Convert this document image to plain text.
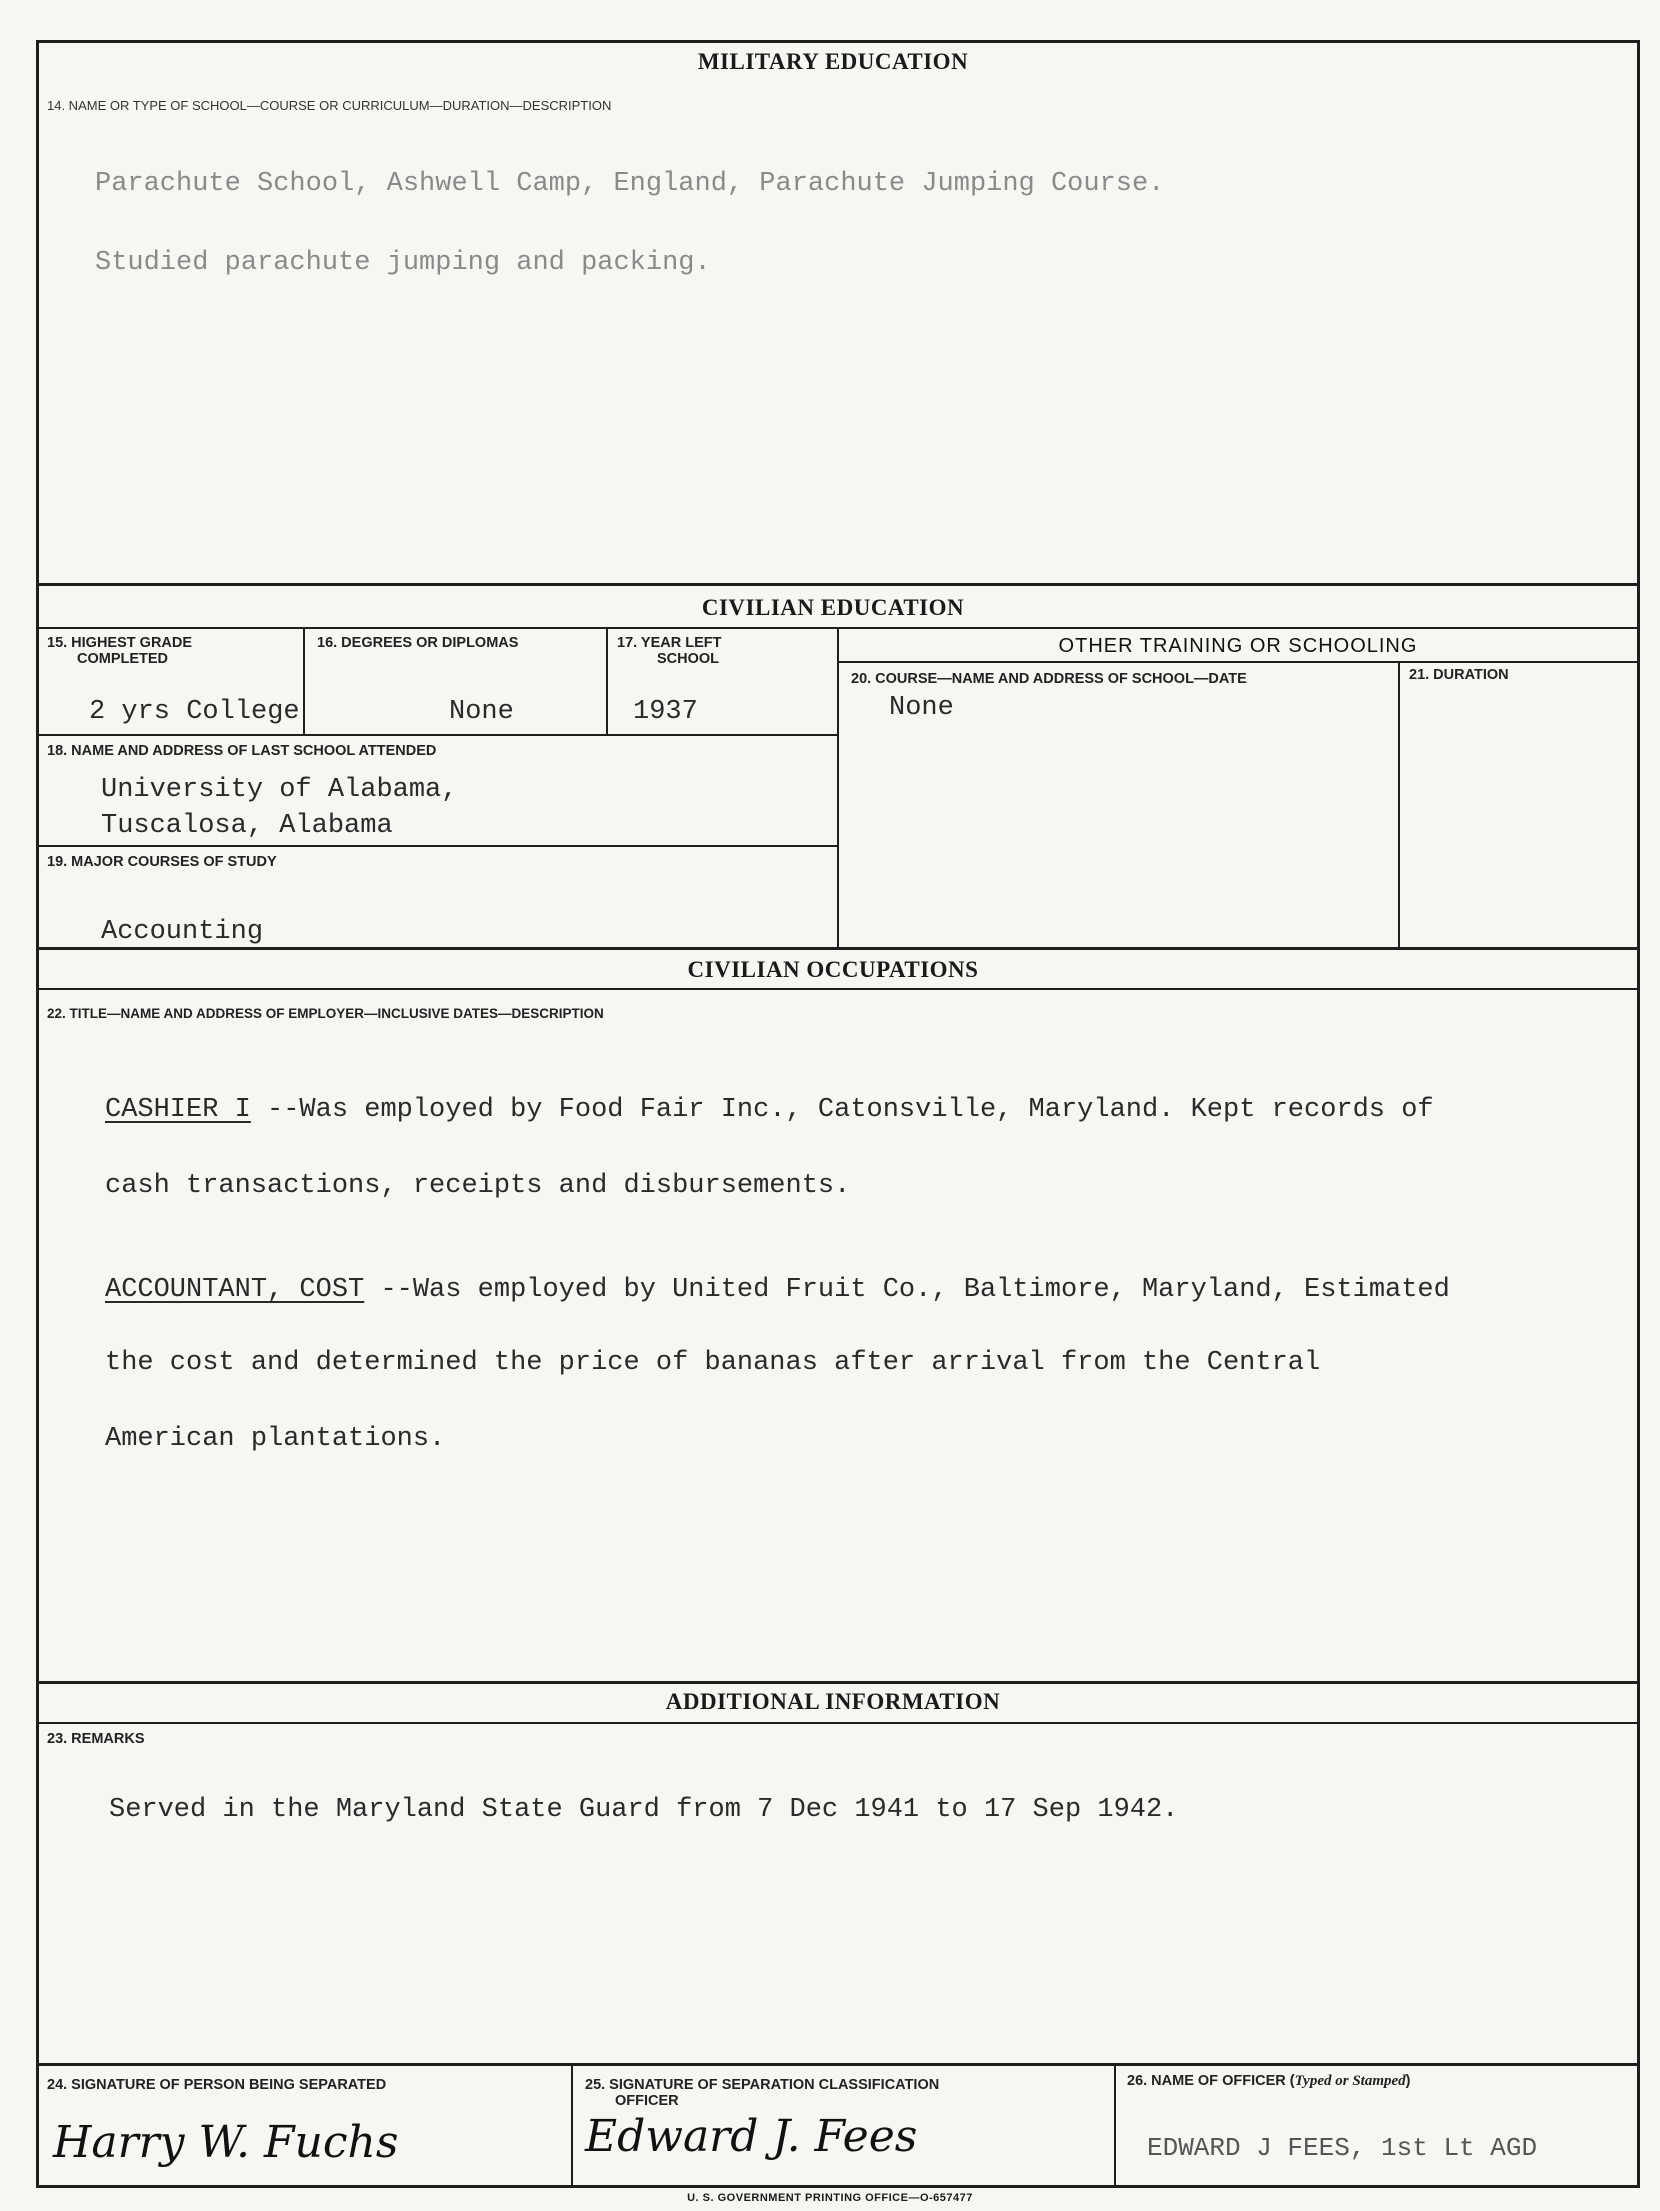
MILITARY EDUCATION
14. NAME OR TYPE OF SCHOOL—COURSE OR CURRICULUM—DURATION—DESCRIPTION
Parachute School, Ashwell Camp, England, Parachute Jumping Course.
Studied parachute jumping and packing.
CIVILIAN EDUCATION
15. HIGHEST GRADE
COMPLETED
16. DEGREES OR DIPLOMAS	17. YEAR LEFT
SCHOOL
2 yrs College	None	1937
18. NAME AND ADDRESS OF LAST SCHOOL ATTENDED
University of Alabama,
Tuscalosa, Alabama
19. MAJOR COURSES OF STUDY
Accounting
OTHER TRAINING OR SCHOOLING
20. COURSE—NAME AND ADDRESS OF SCHOOL—DATE	21. DURATION
None
CIVILIAN OCCUPATIONS
22. TITLE—NAME AND ADDRESS OF EMPLOYER—INCLUSIVE DATES—DESCRIPTION
CASHIER I --Was employed by Food Fair Inc., Catonsville, Maryland. Kept records of
cash transactions, receipts and disbursements.
ACCOUNTANT, COST --Was employed by United Fruit Co., Baltimore, Maryland, Estimated
the cost and determined the price of bananas after arrival from the Central
American plantations.
ADDITIONAL INFORMATION
23. REMARKS
Served in the Maryland State Guard from 7 Dec 1941 to 17 Sep 1942.
24. SIGNATURE OF PERSON BEING SEPARATED
Harry W. Fuchs
25. SIGNATURE OF SEPARATION CLASSIFICATION
OFFICER
Edward J. Fees
26. NAME OF OFFICER (Typed or Stamped)
EDWARD J FEES, 1st Lt AGD
U. S. GOVERNMENT PRINTING OFFICE—O-657477
